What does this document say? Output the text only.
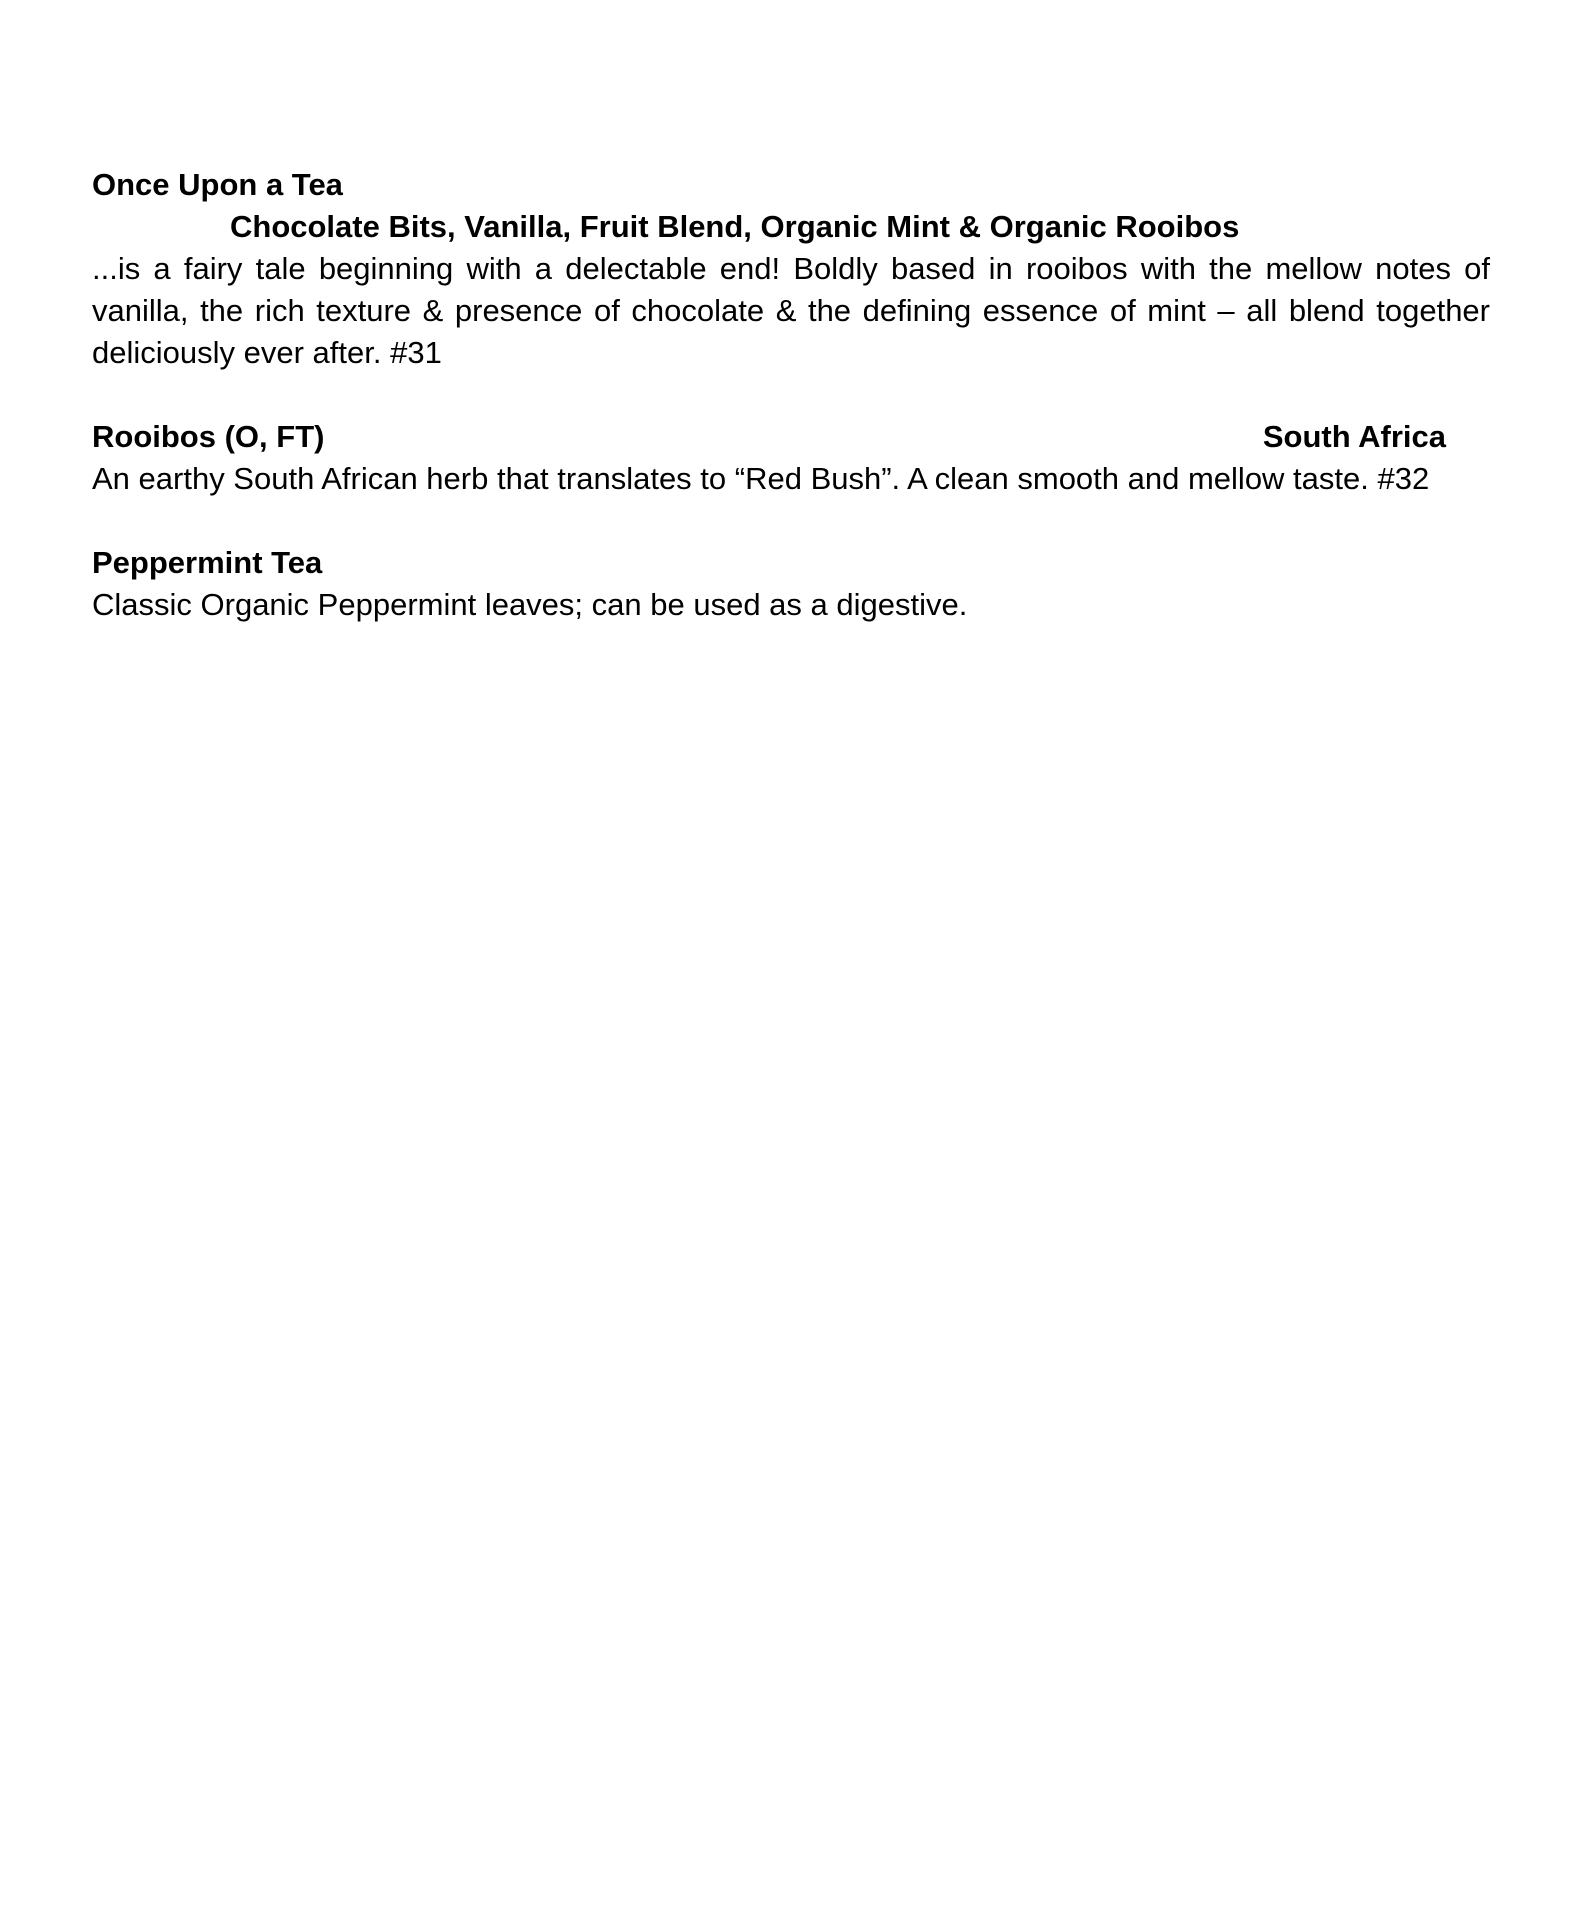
Once Upon a Tea

Chocolate Bits, Vanilla, Fruit Blend, Organic Mint & Organic Rooibos

...is a fairy tale beginning with a delectable end! Boldly based in rooibos with the mellow notes of vanilla, the rich texture & presence of chocolate & the defining essence of mint – all blend together deliciously ever after. #31

Rooibos (O, FT)	South Africa

An earthy South African herb that translates to “Red Bush”. A clean smooth and mellow taste. #32

Peppermint Tea

Classic Organic Peppermint leaves; can be used as a digestive.
